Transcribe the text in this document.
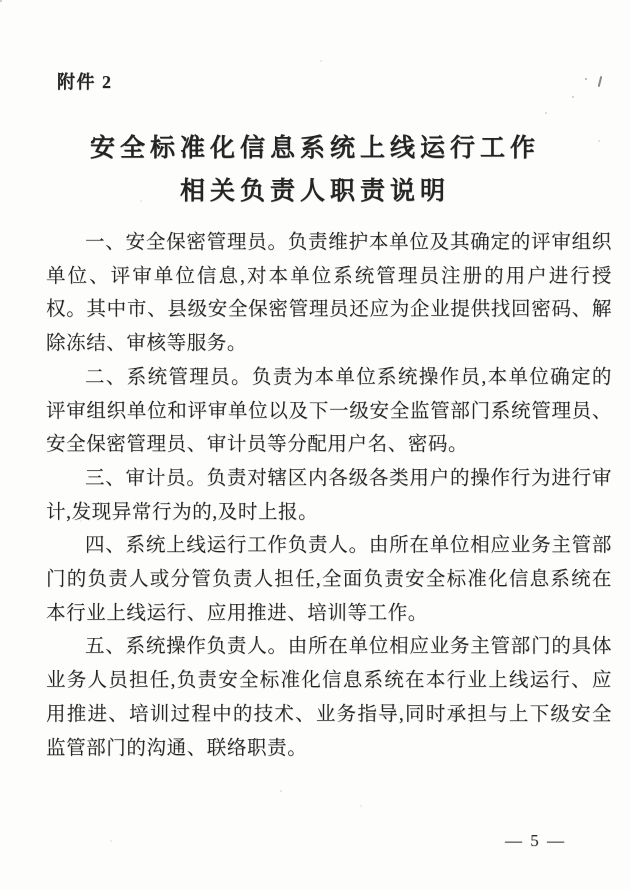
附件 2
安全标准化信息系统上线运行工作
相关负责人职责说明

一、安全保密管理员。负责维护本单位及其确定的评审组织单位、评审单位信息,对本单位系统管理员注册的用户进行授权。其中市、县级安全保密管理员还应为企业提供找回密码、解除冻结、审核等服务。

二、系统管理员。负责为本单位系统操作员,本单位确定的评审组织单位和评审单位以及下一级安全监管部门系统管理员、安全保密管理员、审计员等分配用户名、密码。

三、审计员。负责对辖区内各级各类用户的操作行为进行审计,发现异常行为的,及时上报。

四、系统上线运行工作负责人。由所在单位相应业务主管部门的负责人或分管负责人担任,全面负责安全标准化信息系统在本行业上线运行、应用推进、培训等工作。

五、系统操作负责人。由所在单位相应业务主管部门的具体业务人员担任,负责安全标准化信息系统在本行业上线运行、应用推进、培训过程中的技术、业务指导,同时承担与上下级安全监管部门的沟通、联络职责。

— 5 —
